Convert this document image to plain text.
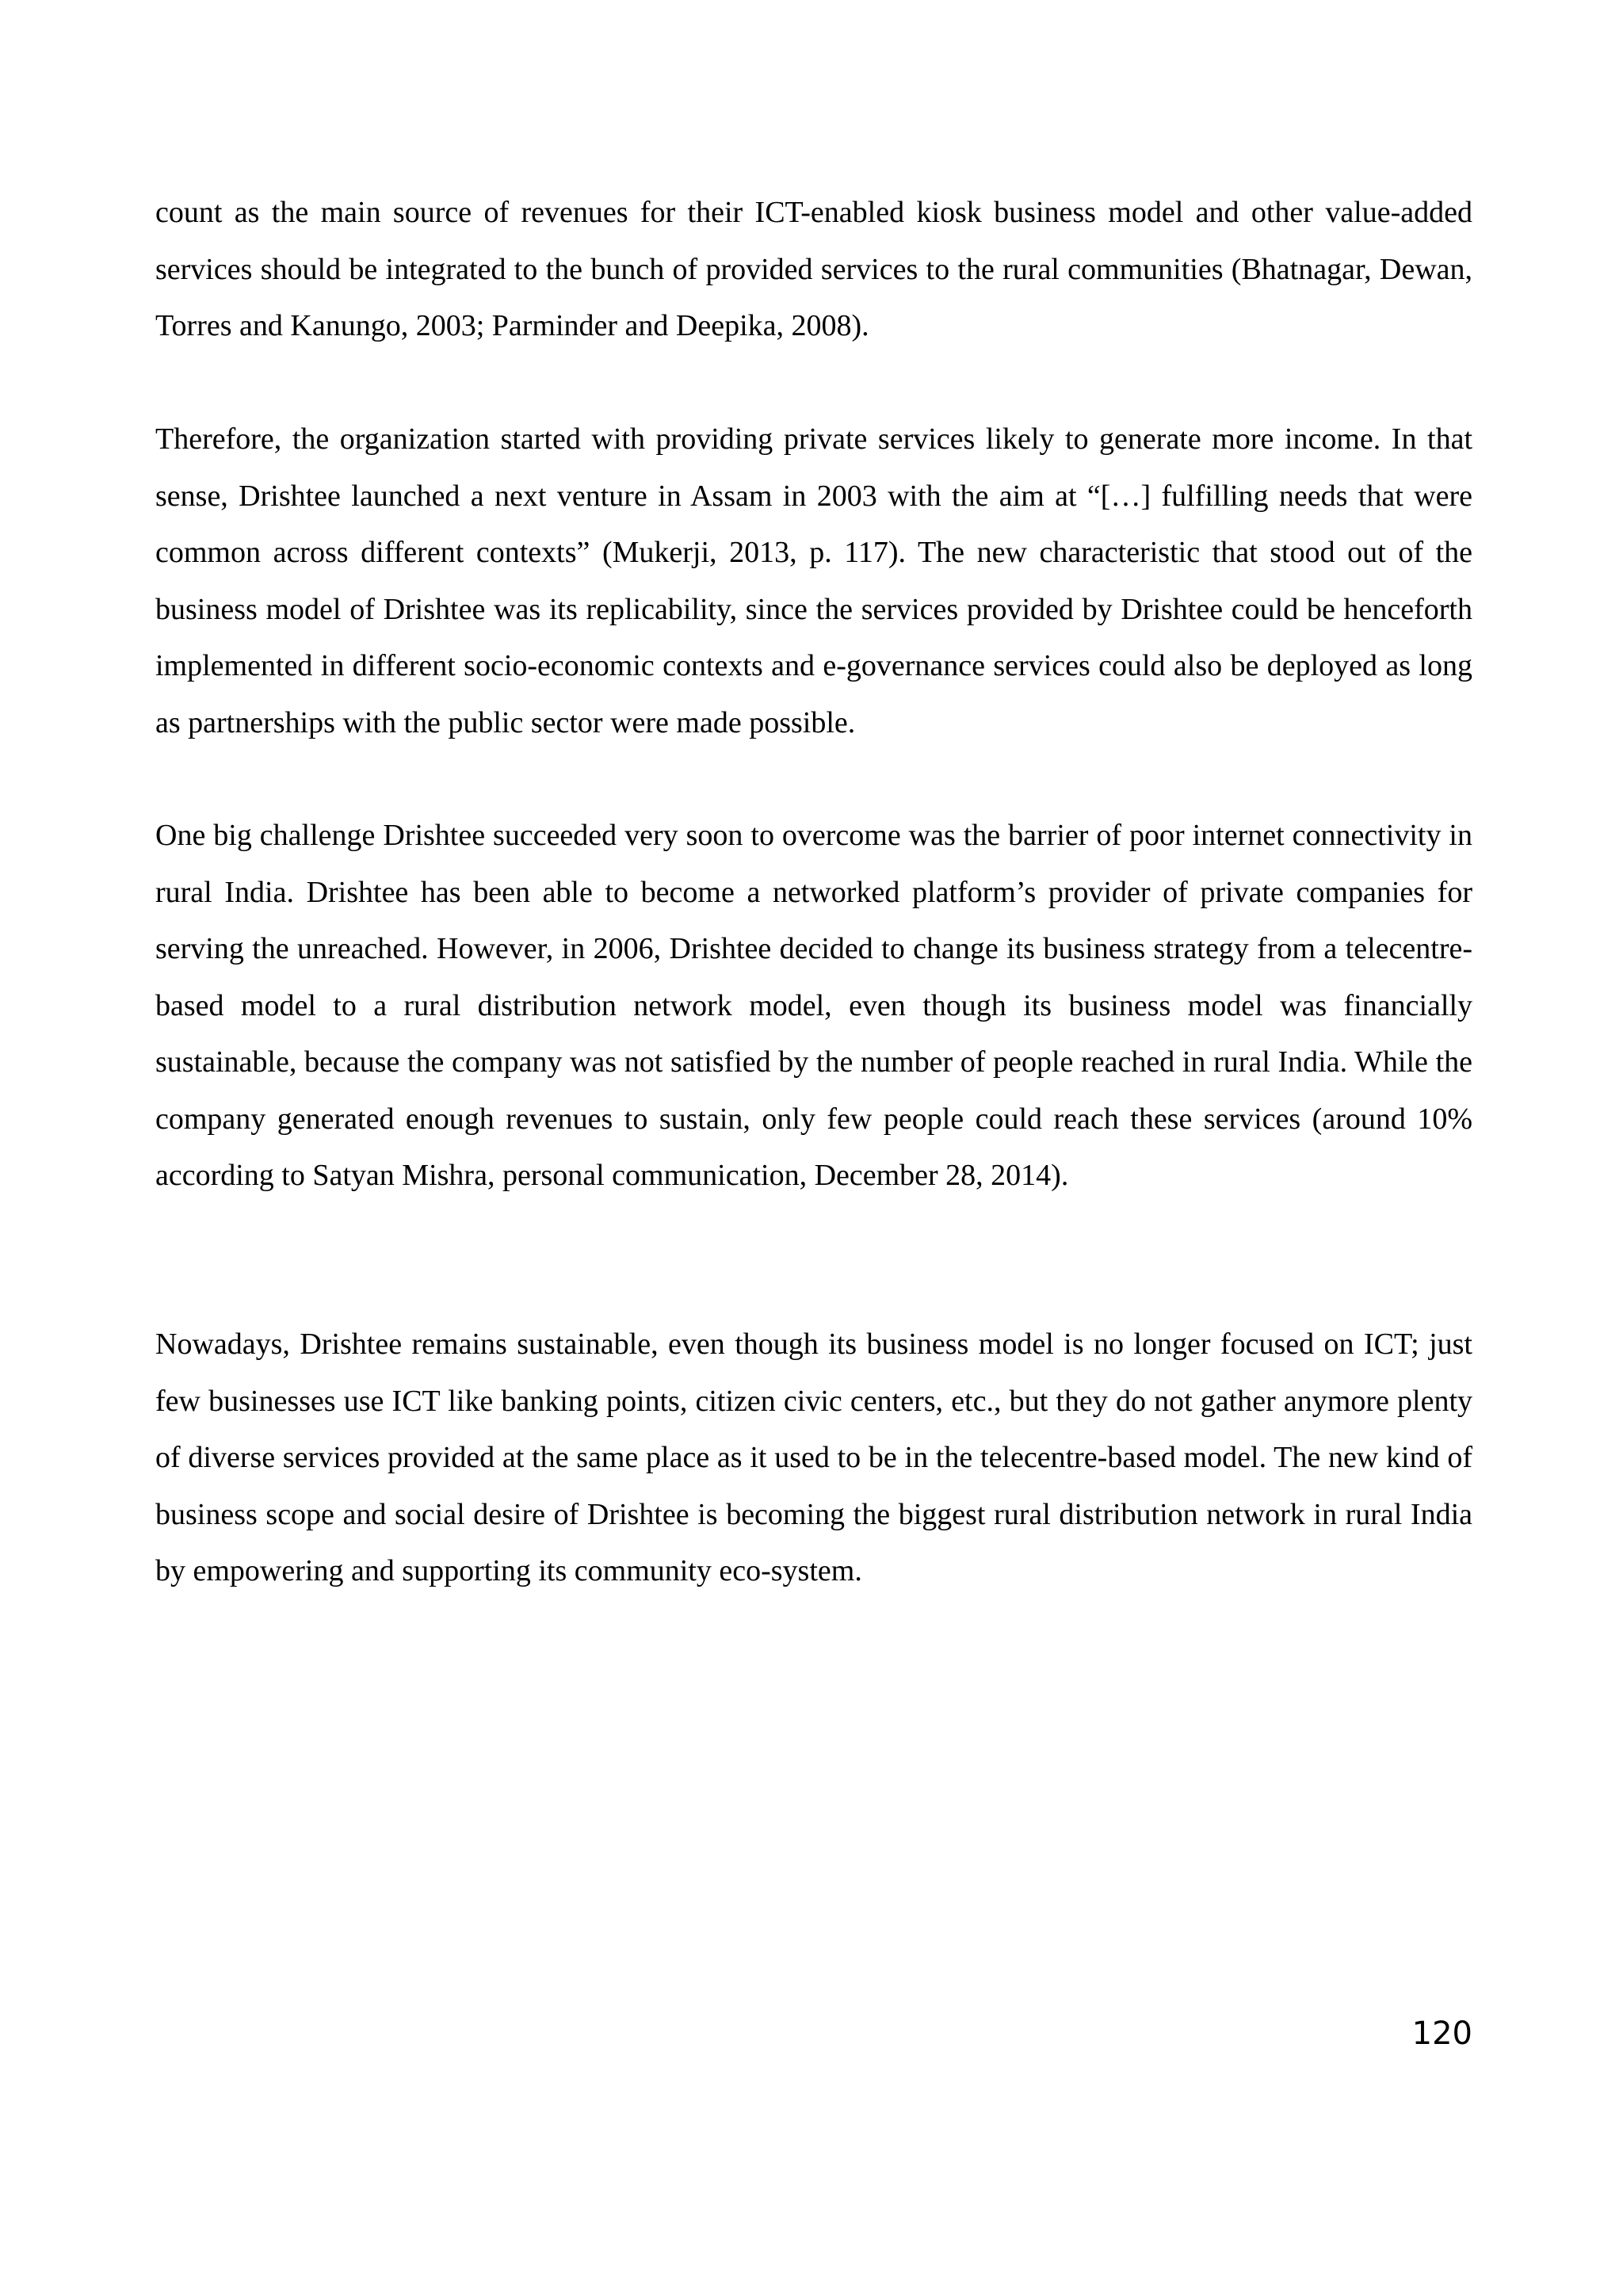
count as the main source of revenues for their ICT-enabled kiosk business model and other value-added services should be integrated to the bunch of provided services to the rural communities (Bhatnagar, Dewan, Torres and Kanungo, 2003; Parminder and Deepika, 2008).

Therefore, the organization started with providing private services likely to generate more income. In that sense, Drishtee launched a next venture in Assam in 2003 with the aim at “[…] fulfilling needs that were common across different contexts” (Mukerji, 2013, p. 117). The new characteristic that stood out of the business model of Drishtee was its replicability, since the services provided by Drishtee could be henceforth implemented in different socio-economic contexts and e-governance services could also be deployed as long as partnerships with the public sector were made possible.

One big challenge Drishtee succeeded very soon to overcome was the barrier of poor internet connectivity in rural India. Drishtee has been able to become a networked platform’s provider of private companies for serving the unreached. However, in 2006, Drishtee decided to change its business strategy from a telecentre-based model to a rural distribution network model, even though its business model was financially sustainable, because the company was not satisfied by the number of people reached in rural India. While the company generated enough revenues to sustain, only few people could reach these services (around 10% according to Satyan Mishra, personal communication, December 28, 2014).

Nowadays, Drishtee remains sustainable, even though its business model is no longer focused on ICT; just few businesses use ICT like banking points, citizen civic centers, etc., but they do not gather anymore plenty of diverse services provided at the same place as it used to be in the telecentre-based model. The new kind of business scope and social desire of Drishtee is becoming the biggest rural distribution network in rural India by empowering and supporting its community eco-system.

120
